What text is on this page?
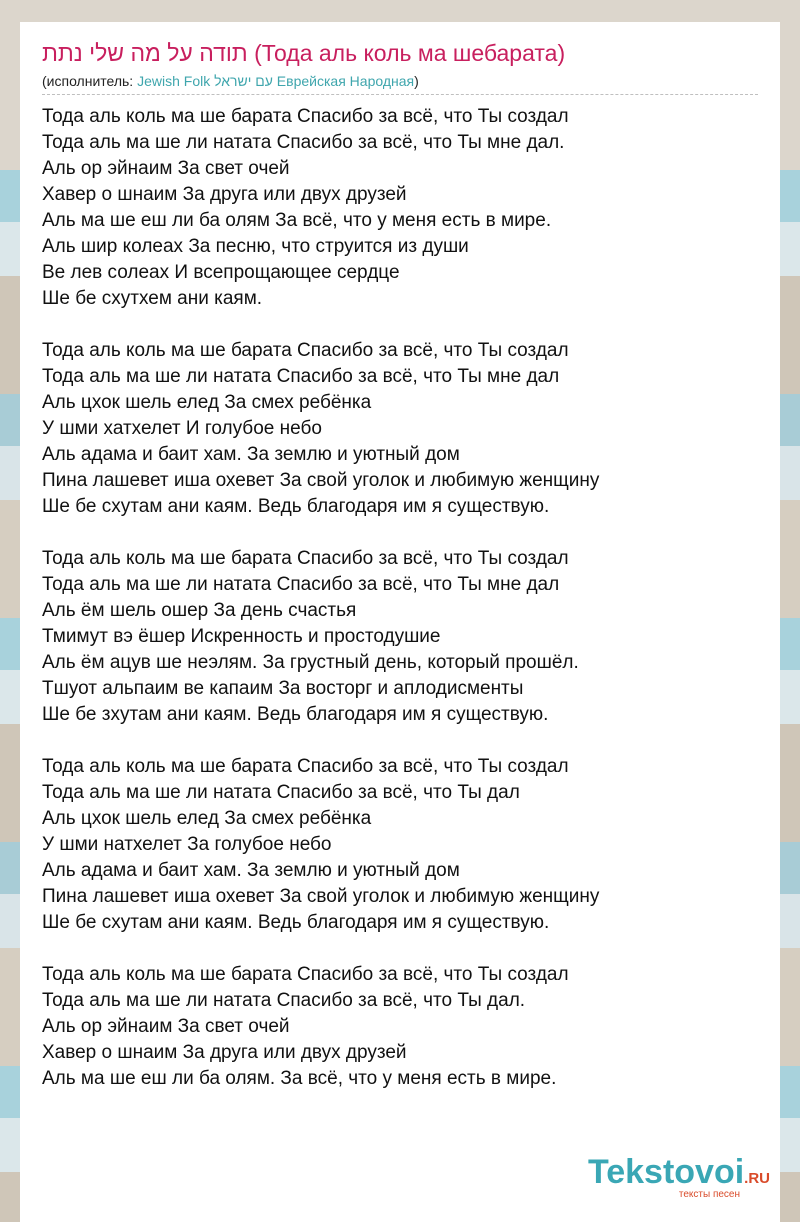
תודה על מה שלי נתת (Тода аль коль ма шебарата)
(исполнитель: Jewish Folk עם ישראל Еврейская Народная)
Тода аль коль ма ше барата Спасибо за всё, что Ты создал
Тода аль ма ше ли натата Спасибо за всё, что Ты мне дал.
Аль ор эйнаим За свет очей
Хавер о шнаим За друга или двух друзей
Аль ма ше еш ли ба олям За всё, что у меня есть в мире.
Аль шир колеах За песню, что струится из души
Ве лев солеах И всепрощающее сердце
Ше бе схутхем ани каям.
Тода аль коль ма ше барата Спасибо за всё, что Ты создал
Тода аль ма ше ли натата Спасибо за всё, что Ты мне дал
Аль цхок шель елед За смех ребёнка
У шми хатхелет И голубое небо
Аль адама и баит хам. За землю и уютный дом
Пина лашевет иша охевет За свой уголок и любимую женщину
Ше бе схутам ани каям. Ведь благодаря им я существую.
Тода аль коль ма ше барата Спасибо за всё, что Ты создал
Тода аль ма ше ли натата Спасибо за всё, что Ты мне дал
Аль ём шель ошер За день счастья
Тмимут вэ ёшер Искренность и простодушие
Аль ём ацув ше неэлям. За грустный день, который прошёл.
Тшуот альпаим ве капаим За восторг и аплодисменты
Ше бе зхутам ани каям. Ведь благодаря им я существую.
Тода аль коль ма ше барата Спасибо за всё, что Ты создал
Тода аль ма ше ли натата Спасибо за всё, что Ты дал
Аль цхок шель елед За смех ребёнка
У шми натхелет За голубое небо
Аль адама и баит хам. За землю и уютный дом
Пина лашевет иша охевет За свой уголок и любимую женщину
Ше бе схутам ани каям. Ведь благодаря им я существую.
Тода аль коль ма ше барата Спасибо за всё, что Ты создал
Тода аль ма ше ли натата Спасибо за всё, что Ты дал.
Аль ор эйнаим За свет очей
Хавер о шнаим За друга или двух друзей
Аль ма ше еш ли ба олям. За всё, что у меня есть в мире.
Tekstovoi.RU
тексты песен
